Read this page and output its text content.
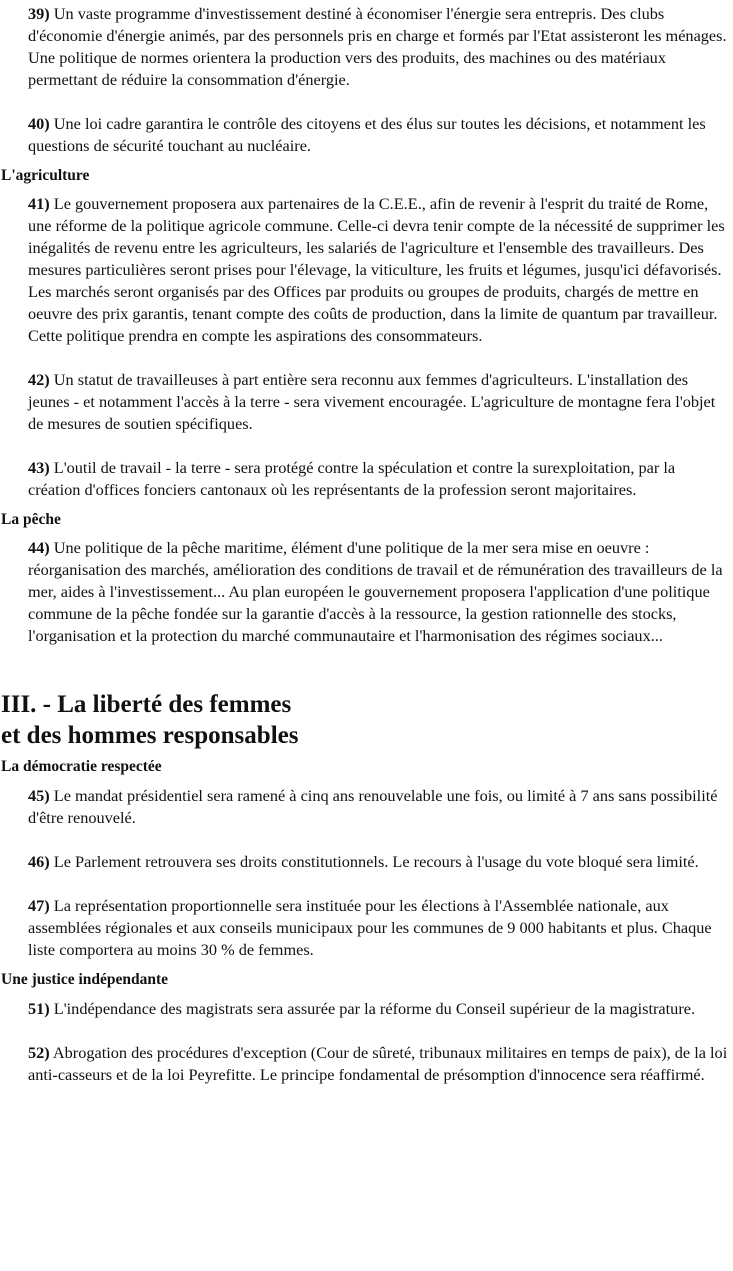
39) Un vaste programme d'investissement destiné à économiser l'énergie sera entrepris. Des clubs d'économie d'énergie animés, par des personnels pris en charge et formés par l'Etat assisteront les ménages. Une politique de normes orientera la production vers des produits, des machines ou des matériaux permettant de réduire la consommation d'énergie.

40) Une loi cadre garantira le contrôle des citoyens et des élus sur toutes les décisions, et notamment les questions de sécurité touchant au nucléaire.

L'agriculture

41) Le gouvernement proposera aux partenaires de la C.E.E., afin de revenir à l'esprit du traité de Rome, une réforme de la politique agricole commune. Celle-ci devra tenir compte de la nécessité de supprimer les inégalités de revenu entre les agriculteurs, les salariés de l'agriculture et l'ensemble des travailleurs. Des mesures particulières seront prises pour l'élevage, la viticulture, les fruits et légumes, jusqu'ici défavorisés. Les marchés seront organisés par des Offices par produits ou groupes de produits, chargés de mettre en oeuvre des prix garantis, tenant compte des coûts de production, dans la limite de quantum par travailleur. Cette politique prendra en compte les aspirations des consommateurs.

42) Un statut de travailleuses à part entière sera reconnu aux femmes d'agriculteurs. L'installation des jeunes - et notamment l'accès à la terre - sera vivement encouragée. L'agriculture de montagne fera l'objet de mesures de soutien spécifiques.

43) L'outil de travail - la terre - sera protégé contre la spéculation et contre la surexploitation, par la création d'offices fonciers cantonaux où les représentants de la profession seront majoritaires.

La pêche

44) Une politique de la pêche maritime, élément d'une politique de la mer sera mise en oeuvre : réorganisation des marchés, amélioration des conditions de travail et de rémunération des travailleurs de la mer, aides à l'investissement... Au plan européen le gouvernement proposera l'application d'une politique commune de la pêche fondée sur la garantie d'accès à la ressource, la gestion rationnelle des stocks, l'organisation et la protection du marché communautaire et l'harmonisation des régimes sociaux...

III. - La liberté des femmes

et des hommes responsables

La démocratie respectée

45) Le mandat présidentiel sera ramené à cinq ans renouvelable une fois, ou limité à 7 ans sans possibilité d'être renouvelé.

46) Le Parlement retrouvera ses droits constitutionnels. Le recours à l'usage du vote bloqué sera limité.

47) La représentation proportionnelle sera instituée pour les élections à l'Assemblée nationale, aux assemblées régionales et aux conseils municipaux pour les communes de 9 000 habitants et plus. Chaque liste comportera au moins 30 % de femmes.

Une justice indépendante

51) L'indépendance des magistrats sera assurée par la réforme du Conseil supérieur de la magistrature.

52) Abrogation des procédures d'exception (Cour de sûreté, tribunaux militaires en temps de paix), de la loi anti-casseurs et de la loi Peyrefitte. Le principe fondamental de présomption d'innocence sera réaffirmé.
